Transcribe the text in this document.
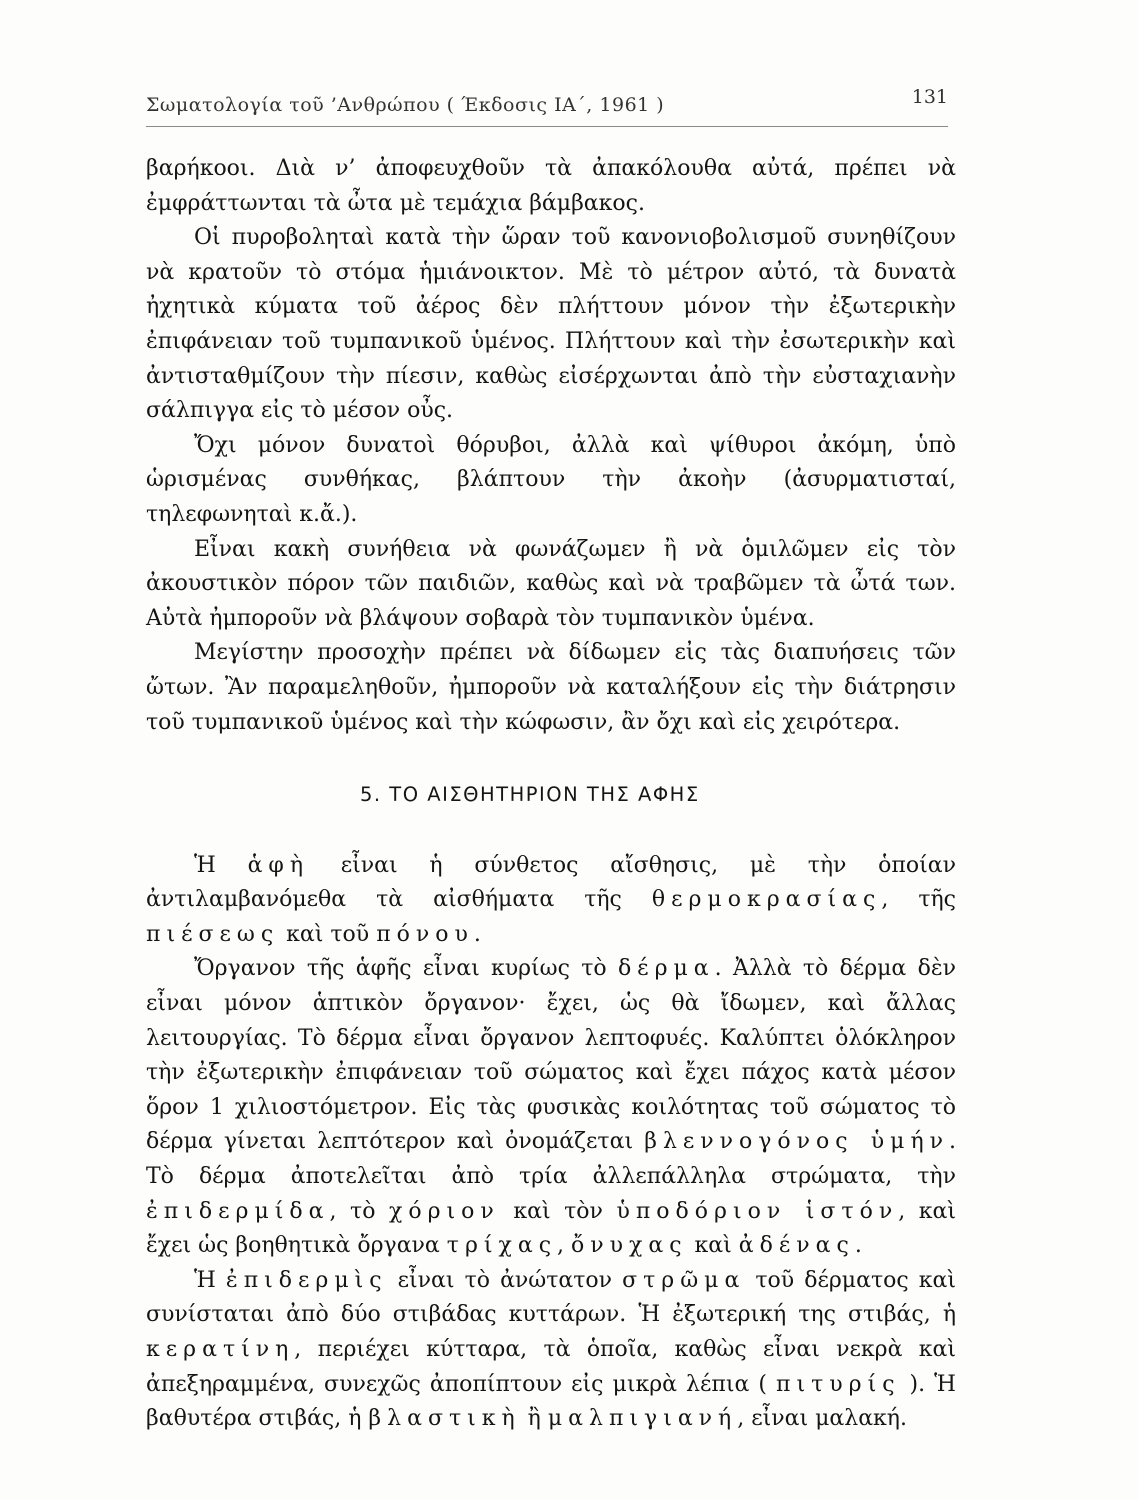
Σωματολογία τοῦ ’Ανθρώπου ( Έκδοσις ΙΑ΄, 1961 )	131

βαρήκοοι. Διὰ ν’ ἀποφευχθοῦν τὰ ἀπακόλουθα αὐτά, πρέπει νὰ ἐμφράττωνται τὰ ὦτα μὲ τεμάχια βάμβακος.

Οἱ πυροβοληταὶ κατὰ τὴν ὥραν τοῦ κανονιοβολισμοῦ συνηθίζουν νὰ κρατοῦν τὸ στόμα ἡμιάνοικτον. Μὲ τὸ μέτρον αὐτό, τὰ δυνατὰ ἠχητικὰ κύματα τοῦ ἀέρος δὲν πλήττουν μόνον τὴν ἐξωτερικὴν ἐπιφάνειαν τοῦ τυμπανικοῦ ὑμένος. Πλήττουν καὶ τὴν ἐσωτερικὴν καὶ ἀντισταθμίζουν τὴν πίεσιν, καθὼς εἰσέρχωνται ἀπὸ τὴν εὐσταχιανὴν σάλπιγγα εἰς τὸ μέσον οὖς.

Ὄχι μόνον δυνατοὶ θόρυβοι, ἀλλὰ καὶ ψίθυροι ἀκόμη, ὑπὸ ὡρισμένας συνθήκας, βλάπτουν τὴν ἀκοὴν (ἀσυρματισταί, τηλεφωνηταὶ κ.ἄ.).

Εἶναι κακὴ συνήθεια νὰ φωνάζωμεν ἢ νὰ ὁμιλῶμεν εἰς τὸν ἀκουστικὸν πόρον τῶν παιδιῶν, καθὼς καὶ νὰ τραβῶμεν τὰ ὦτά των. Αὐτὰ ἠμποροῦν νὰ βλάψουν σοβαρὰ τὸν τυμπανικὸν ὑμένα.

Μεγίστην προσοχὴν πρέπει νὰ δίδωμεν εἰς τὰς διαπυήσεις τῶν ὤτων. Ἂν παραμεληθοῦν, ἠμποροῦν νὰ καταλήξουν εἰς τὴν διάτρησιν τοῦ τυμπανικοῦ ὑμένος καὶ τὴν κώφωσιν, ἂν ὄχι καὶ εἰς χειρότερα.

5. ΤΟ ΑΙΣΘΗΤΗΡΙΟΝ ΤΗΣ ΑΦΗΣ

Ἡ ἁφὴ εἶναι ἡ σύνθετος αἴσθησις, μὲ τὴν ὁποίαν ἀντιλαμβανόμεθα τὰ αἰσθήματα τῆς θερμοκρασίας, τῆς πιέσεως καὶ τοῦ πόνου.

Ὄργανον τῆς ἁφῆς εἶναι κυρίως τὸ δέρμα. Ἀλλὰ τὸ δέρμα δὲν εἶναι μόνον ἁπτικὸν ὄργανον· ἔχει, ὡς θὰ ἴδωμεν, καὶ ἄλλας λειτουργίας. Τὸ δέρμα εἶναι ὄργανον λεπτοφυές. Καλύπτει ὁλόκληρον τὴν ἐξωτερικὴν ἐπιφάνειαν τοῦ σώματος καὶ ἔχει πάχος κατὰ μέσον ὅρον 1 χιλιοστόμετρον. Εἰς τὰς φυσικὰς κοιλότητας τοῦ σώματος τὸ δέρμα γίνεται λεπτότερον καὶ ὀνομάζεται βλεννογόνος ὑμήν. Τὸ δέρμα ἀποτελεῖται ἀπὸ τρία ἀλλεπάλληλα στρώματα, τὴν ἐπιδερμίδα, τὸ χόριον καὶ τὸν ὑποδόριον ἱστόν, καὶ ἔχει ὡς βοηθητικὰ ὄργανα τρίχας, ὄνυχας καὶ ἀδένας.

Ἡ ἐπιδερμὶς εἶναι τὸ ἀνώτατον στρῶμα τοῦ δέρματος καὶ συνίσταται ἀπὸ δύο στιβάδας κυττάρων. Ἡ ἐξωτερική της στιβάς, ἡ κερατίνη, περιέχει κύτταρα, τὰ ὁποῖα, καθὼς εἶναι νεκρὰ καὶ ἀπεξηραμμένα, συνεχῶς ἀποπίπτουν εἰς μικρὰ λέπια ( πιτυρίς ). Ἡ βαθυτέρα στιβάς, ἡ βλαστικὴ ἢ μαλπιγιανή, εἶναι μαλακή.
